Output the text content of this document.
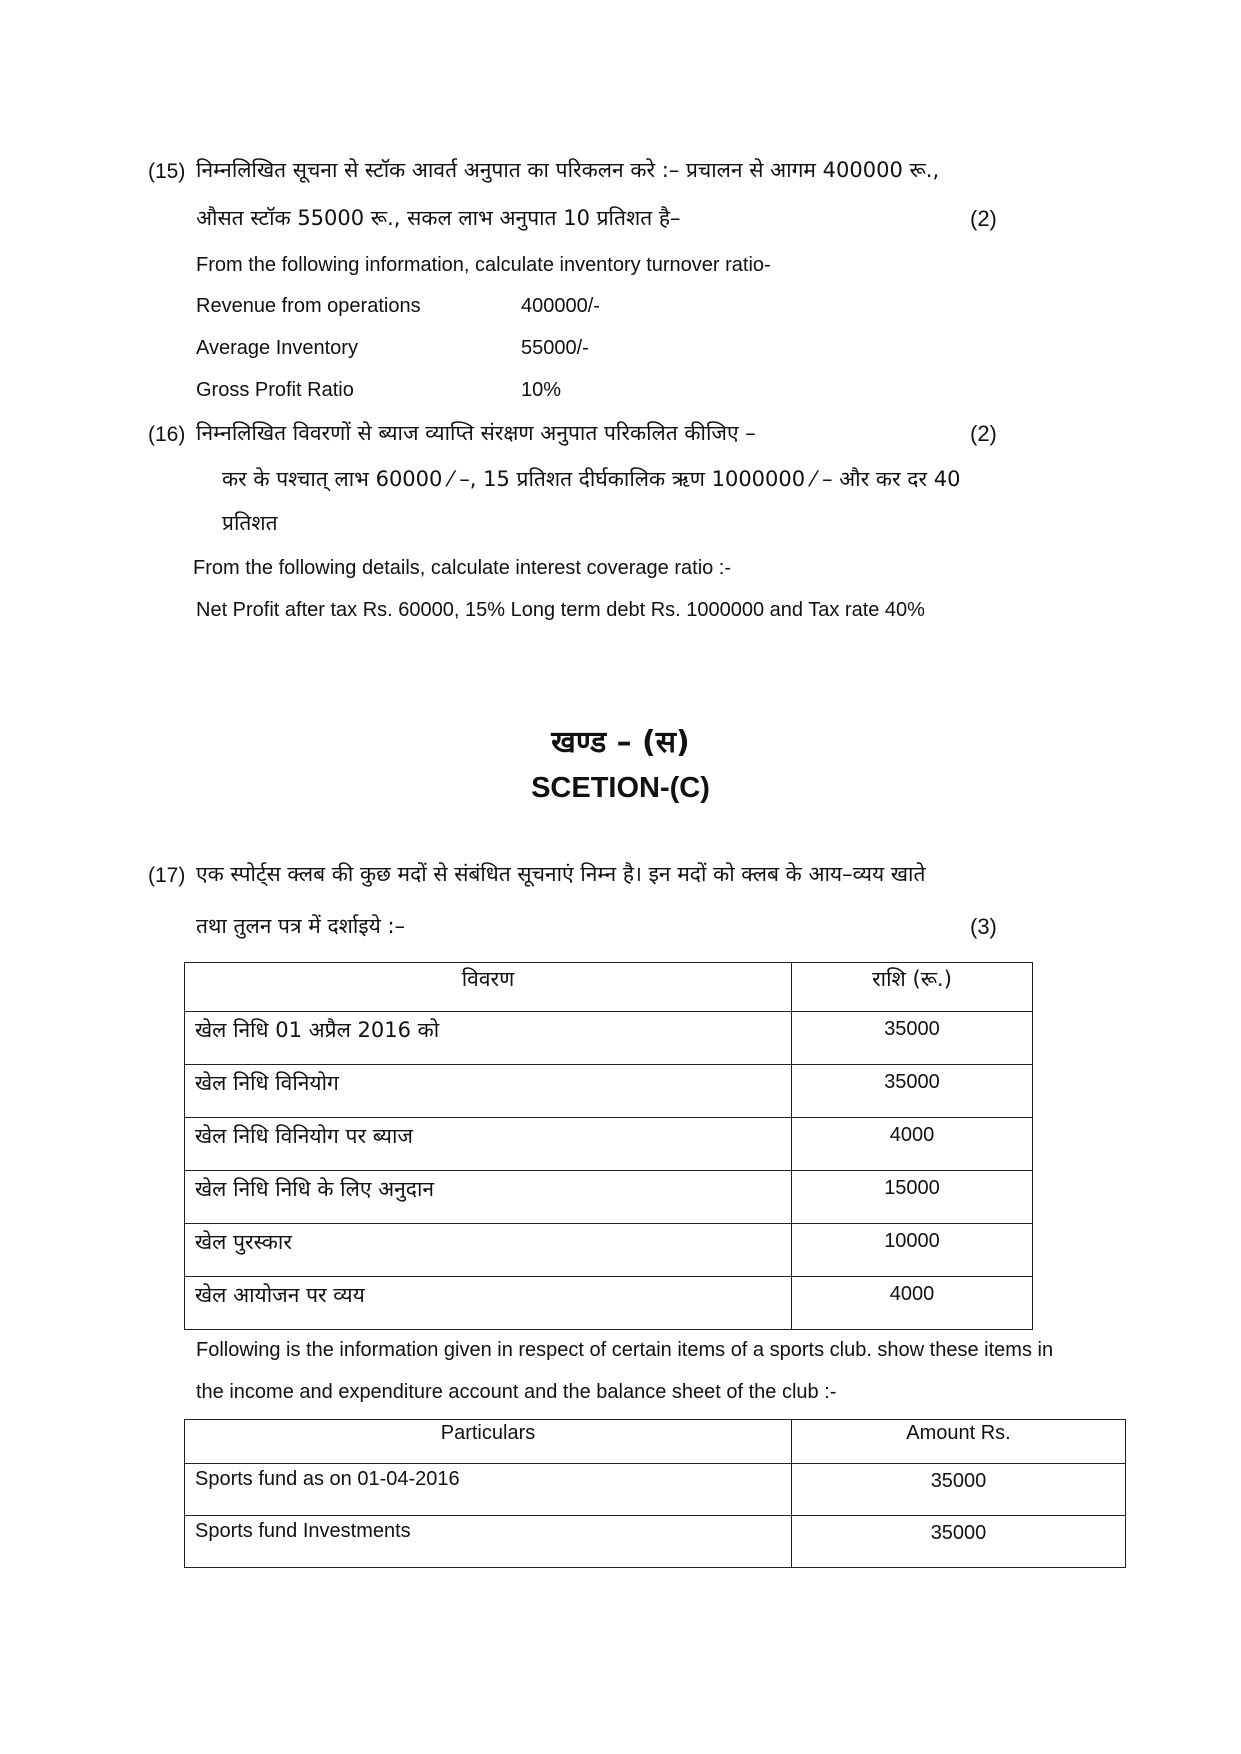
(15) निम्नलिखित सूचना से स्टॉक आवर्त अनुपात का परिकलन करे :– प्रचालन से आगम 400000 रू.,
औसत स्टॉक 55000 रू., सकल लाभ अनुपात 10 प्रतिशत है–	(2)
From the following information, calculate inventory turnover ratio-
Revenue from operations	400000/-
Average Inventory	55000/-
Gross Profit Ratio	10%
(16) निम्नलिखित विवरणों से ब्याज व्याप्ति संरक्षण अनुपात परिकलित कीजिए –	(2)
कर के पश्चात् लाभ 60000 ⁄ –, 15 प्रतिशत दीर्घकालिक ऋण 1000000 ⁄ – और कर दर 40
प्रतिशत
From the following details, calculate interest coverage ratio :-
Net Profit after tax Rs. 60000, 15% Long term debt Rs. 1000000 and Tax rate 40%
खण्ड – (स)
SCETION-(C)
(17) एक स्पोर्ट्स क्लब की कुछ मदों से संबंधित सूचनाएं निम्न है। इन मदों को क्लब के आय–व्यय खाते
तथा तुलन पत्र में दर्शाइये :–	(3)
विवरण	राशि (रू.)
खेल निधि 01 अप्रैल 2016 को	35000
खेल निधि विनियोग	35000
खेल निधि विनियोग पर ब्याज	4000
खेल निधि निधि के लिए अनुदान	15000
खेल पुरस्कार	10000
खेल आयोजन पर व्यय	4000
Following is the information given in respect of certain items of a sports club. show these items in
the income and expenditure account and the balance sheet of the club :-
Particulars	Amount Rs.
Sports fund as on 01-04-2016	35000
Sports fund Investments	35000
